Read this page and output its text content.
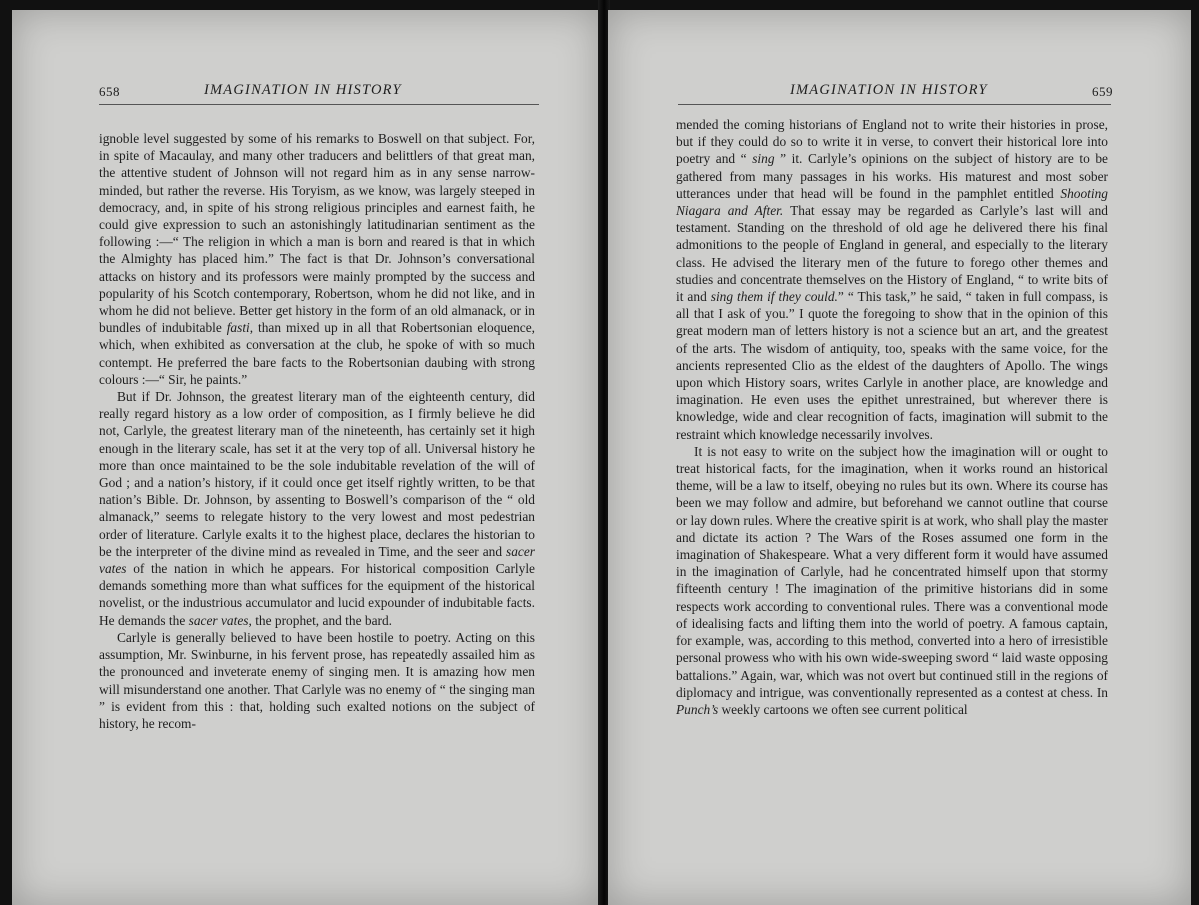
658	IMAGINATION IN HISTORY

ignoble level suggested by some of his remarks to Boswell on that subject. For, in spite of Macaulay, and many other traducers and belittlers of that great man, the attentive student of Johnson will not regard him as in any sense narrow-minded, but rather the reverse. His Toryism, as we know, was largely steeped in democracy, and, in spite of his strong religious principles and earnest faith, he could give expression to such an astonishingly latitudinarian sentiment as the following :—“ The religion in which a man is born and reared is that in which the Almighty has placed him.” The fact is that Dr. Johnson’s conversational attacks on history and its professors were mainly prompted by the success and popularity of his Scotch contemporary, Robertson, whom he did not like, and in whom he did not believe. Better get history in the form of an old almanack, or in bundles of indubitable fasti, than mixed up in all that Robertsonian eloquence, which, when exhibited as conversation at the club, he spoke of with so much contempt. He preferred the bare facts to the Robertsonian daubing with strong colours :—“ Sir, he paints.”

But if Dr. Johnson, the greatest literary man of the eighteenth century, did really regard history as a low order of composition, as I firmly believe he did not, Carlyle, the greatest literary man of the nineteenth, has certainly set it high enough in the literary scale, has set it at the very top of all. Universal history he more than once maintained to be the sole indubitable revelation of the will of God ; and a nation’s history, if it could once get itself rightly written, to be that nation’s Bible. Dr. Johnson, by assenting to Boswell’s comparison of the “ old almanack,” seems to relegate history to the very lowest and most pedestrian order of literature. Carlyle exalts it to the highest place, declares the historian to be the interpreter of the divine mind as revealed in Time, and the seer and sacer vates of the nation in which he appears. For historical composition Carlyle demands something more than what suffices for the equipment of the historical novelist, or the industrious accumulator and lucid expounder of indubitable facts. He demands the sacer vates, the prophet, and the bard.

Carlyle is generally believed to have been hostile to poetry. Acting on this assumption, Mr. Swinburne, in his fervent prose, has repeatedly assailed him as the pronounced and inveterate enemy of singing men. It is amazing how men will misunderstand one another. That Carlyle was no enemy of “ the singing man ” is evident from this : that, holding such exalted notions on the subject of history, he recom-

IMAGINATION IN HISTORY	659

mended the coming historians of England not to write their histories in prose, but if they could do so to write it in verse, to convert their historical lore into poetry and “ sing ” it. Carlyle’s opinions on the subject of history are to be gathered from many passages in his works. His maturest and most sober utterances under that head will be found in the pamphlet entitled Shooting Niagara and After. That essay may be regarded as Carlyle’s last will and testament. Standing on the threshold of old age he delivered there his final admonitions to the people of England in general, and especially to the literary class. He advised the literary men of the future to forego other themes and studies and concentrate themselves on the History of England, “ to write bits of it and sing them if they could.” “ This task,” he said, “ taken in full compass, is all that I ask of you.” I quote the foregoing to show that in the opinion of this great modern man of letters history is not a science but an art, and the greatest of the arts. The wisdom of antiquity, too, speaks with the same voice, for the ancients represented Clio as the eldest of the daughters of Apollo. The wings upon which History soars, writes Carlyle in another place, are knowledge and imagination. He even uses the epithet unrestrained, but wherever there is knowledge, wide and clear recognition of facts, imagination will submit to the restraint which knowledge necessarily involves.

It is not easy to write on the subject how the imagination will or ought to treat historical facts, for the imagination, when it works round an historical theme, will be a law to itself, obeying no rules but its own. Where its course has been we may follow and admire, but beforehand we cannot outline that course or lay down rules. Where the creative spirit is at work, who shall play the master and dictate its action ? The Wars of the Roses assumed one form in the imagination of Shakespeare. What a very different form it would have assumed in the imagination of Carlyle, had he concentrated himself upon that stormy fifteenth century ! The imagination of the primitive historians did in some respects work according to conventional rules. There was a conventional mode of idealising facts and lifting them into the world of poetry. A famous captain, for example, was, according to this method, converted into a hero of irresistible personal prowess who with his own wide-sweeping sword “ laid waste opposing battalions.” Again, war, which was not overt but continued still in the regions of diplomacy and intrigue, was conventionally represented as a contest at chess. In Punch’s weekly cartoons we often see current political
